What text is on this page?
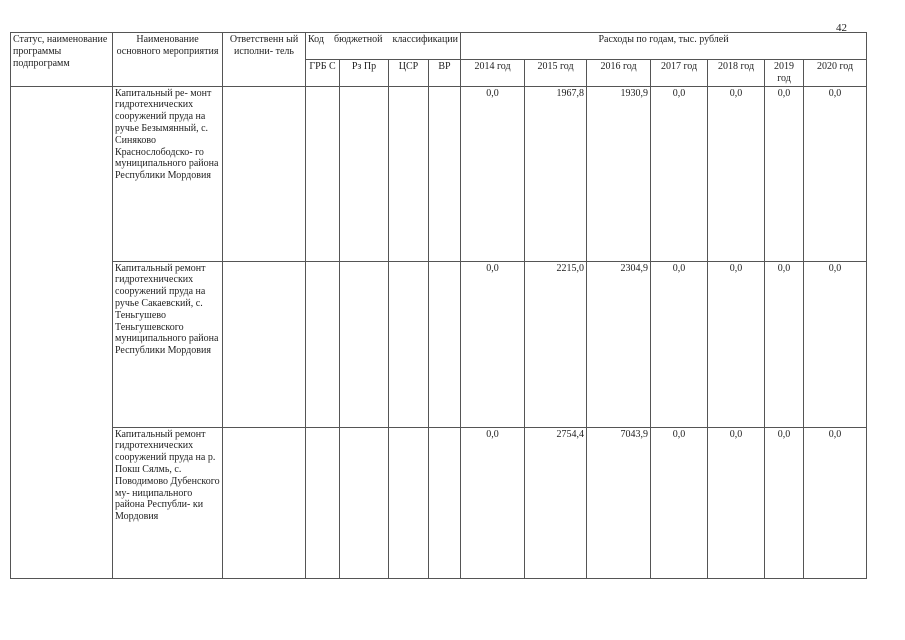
42
Статус, наименование программы подпрограмм	Наименование основного мероприятия	Ответственн ый исполни- тель	Код бюджетной классификации				Расходы по годам, тыс. рублей						
			ГРБ С	Рз Пр	ЦСР	ВР	2014 год	2015 год	2016 год	2017 год	2018 год	2019 год	2020 год
	Капитальный ре- монт гидротехнических сооружений пруда на ручье Безымянный, с. Синяково Краснослободско- го муниципального района Республики Мордовия						0,0	1967,8	1930,9	0,0	0,0	0,0	0,0
	Капитальный ремонт гидротехнических сооружений пруда на ручье Сакаевский, с. Теньгушево Теньгушевского муниципального района Республики Мордовия						0,0	2215,0	2304,9	0,0	0,0	0,0	0,0
	Капитальный ремонт гидротехнических сооружений пруда на р. Покш Сялмь, с. Поводимово Дубенского му- ниципального района Республи- ки Мордовия						0,0	2754,4	7043,9	0,0	0,0	0,0	0,0
